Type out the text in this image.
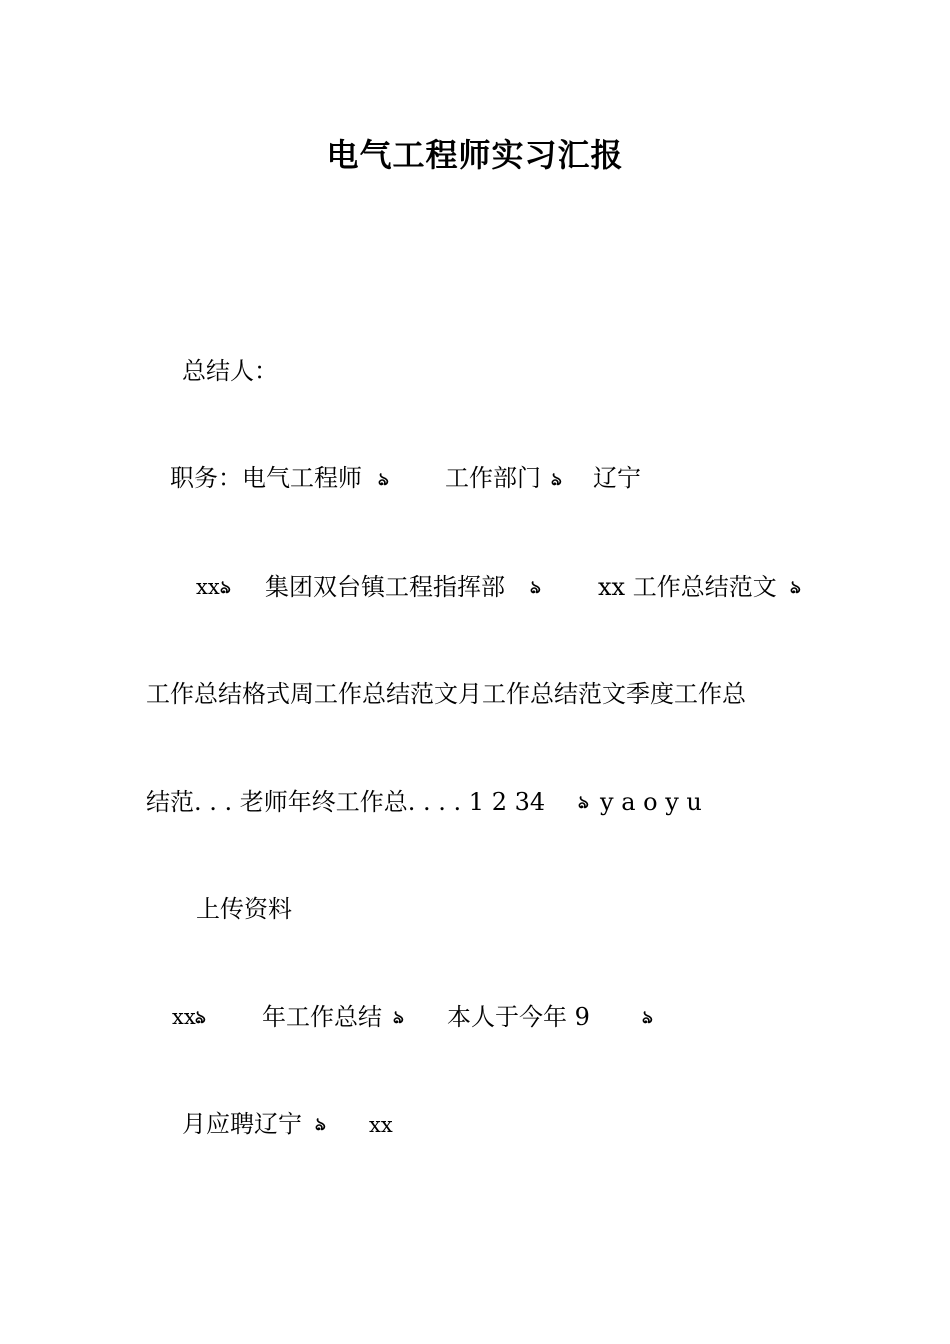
电气工程师实习汇报
总结人：
职务：电气工程师 ঌ 工作部门 ঌ 辽宁
xx ঌ 集团双台镇工程指挥部 ঌ xx 工作总结范文 ঌ
工作总结格式周工作总结范文月工作总结范文季度工作总
结范. . . 老师年终工作总. . . . 1 2 34 ঌ y a o y u
上传资料
xx ঌ 年工作总结 ঌ 本人于今年 9	ঌ
月应聘辽宁 ঌ xx
